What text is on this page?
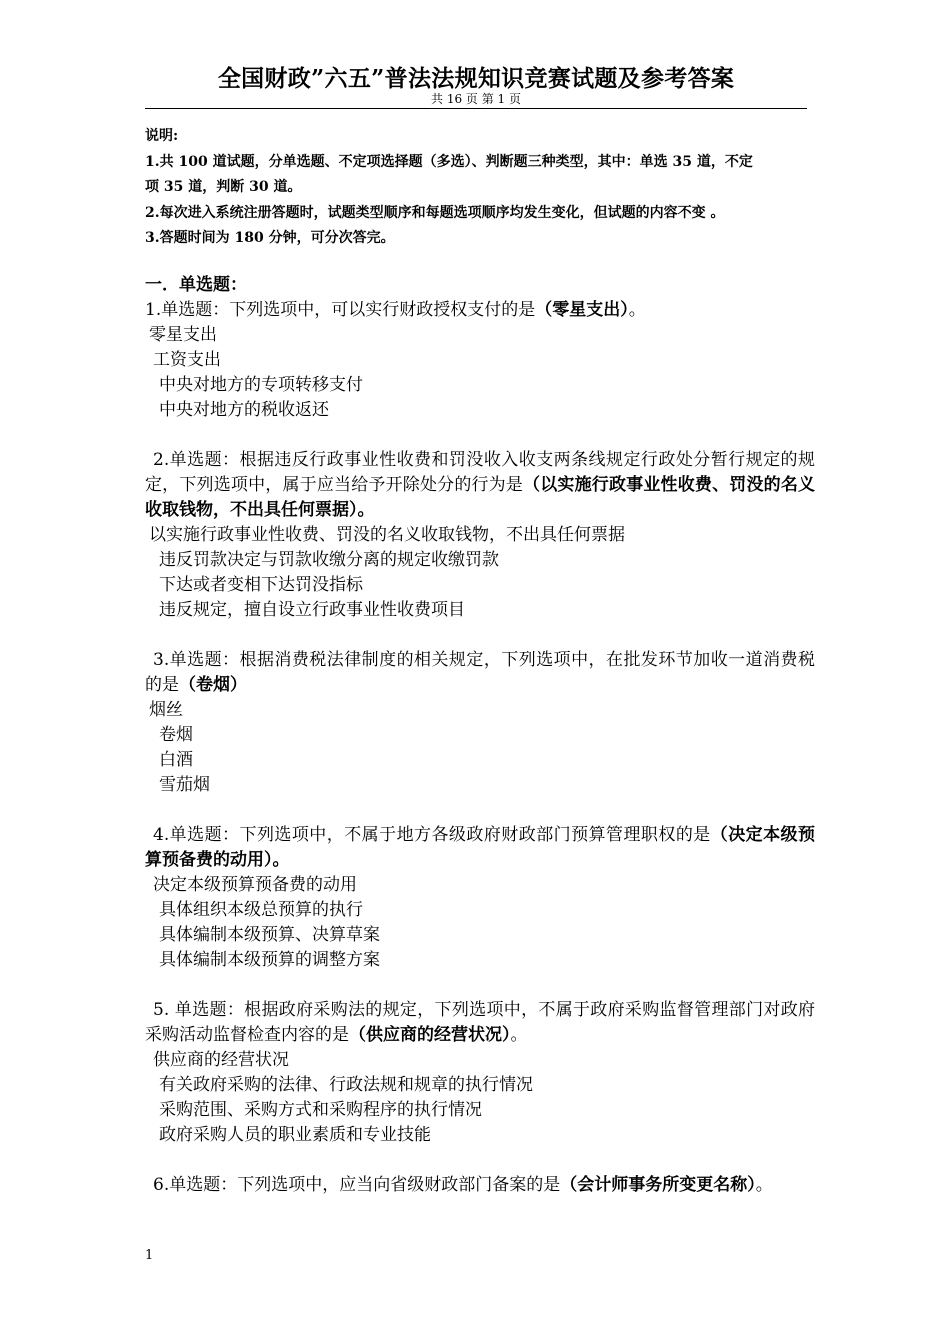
全国财政”六五”普法法规知识竞赛试题及参考答案
共 16 页 第 1 页
说明:
1.共 100 道试题，分单选题、不定项选择题（多选）、判断题三种类型，其中：单选 35 道，不定
项 35 道，判断 30 道。
2.每次进入系统注册答题时，试题类型顺序和每题选项顺序均发生变化，但试题的内容不变 。
3.答题时间为 180 分钟，可分次答完。
一．单选题：
1.单选题：下列选项中，可以实行财政授权支付的是（零星支出）。
零星支出
工资支出
中央对地方的专项转移支付
中央对地方的税收返还
2.单选题：根据违反行政事业性收费和罚没收入收支两条线规定行政处分暂行规定的规定，下列选项中，属于应当给予开除处分的行为是（以实施行政事业性收费、罚没的名义收取钱物，不出具任何票据）。
以实施行政事业性收费、罚没的名义收取钱物，不出具任何票据
违反罚款决定与罚款收缴分离的规定收缴罚款
下达或者变相下达罚没指标
违反规定，擅自设立行政事业性收费项目
3.单选题：根据消费税法律制度的相关规定，下列选项中，在批发环节加收一道消费税的是（卷烟）
烟丝
卷烟
白酒
雪茄烟
4.单选题：下列选项中，不属于地方各级政府财政部门预算管理职权的是（决定本级预算预备费的动用）。
决定本级预算预备费的动用
具体组织本级总预算的执行
具体编制本级预算、决算草案
具体编制本级预算的调整方案
5. 单选题：根据政府采购法的规定，下列选项中，不属于政府采购监督管理部门对政府采购活动监督检查内容的是（供应商的经营状况）。
供应商的经营状况
有关政府采购的法律、行政法规和规章的执行情况
采购范围、采购方式和采购程序的执行情况
政府采购人员的职业素质和专业技能
6.单选题：下列选项中，应当向省级财政部门备案的是（会计师事务所变更名称）。
1
